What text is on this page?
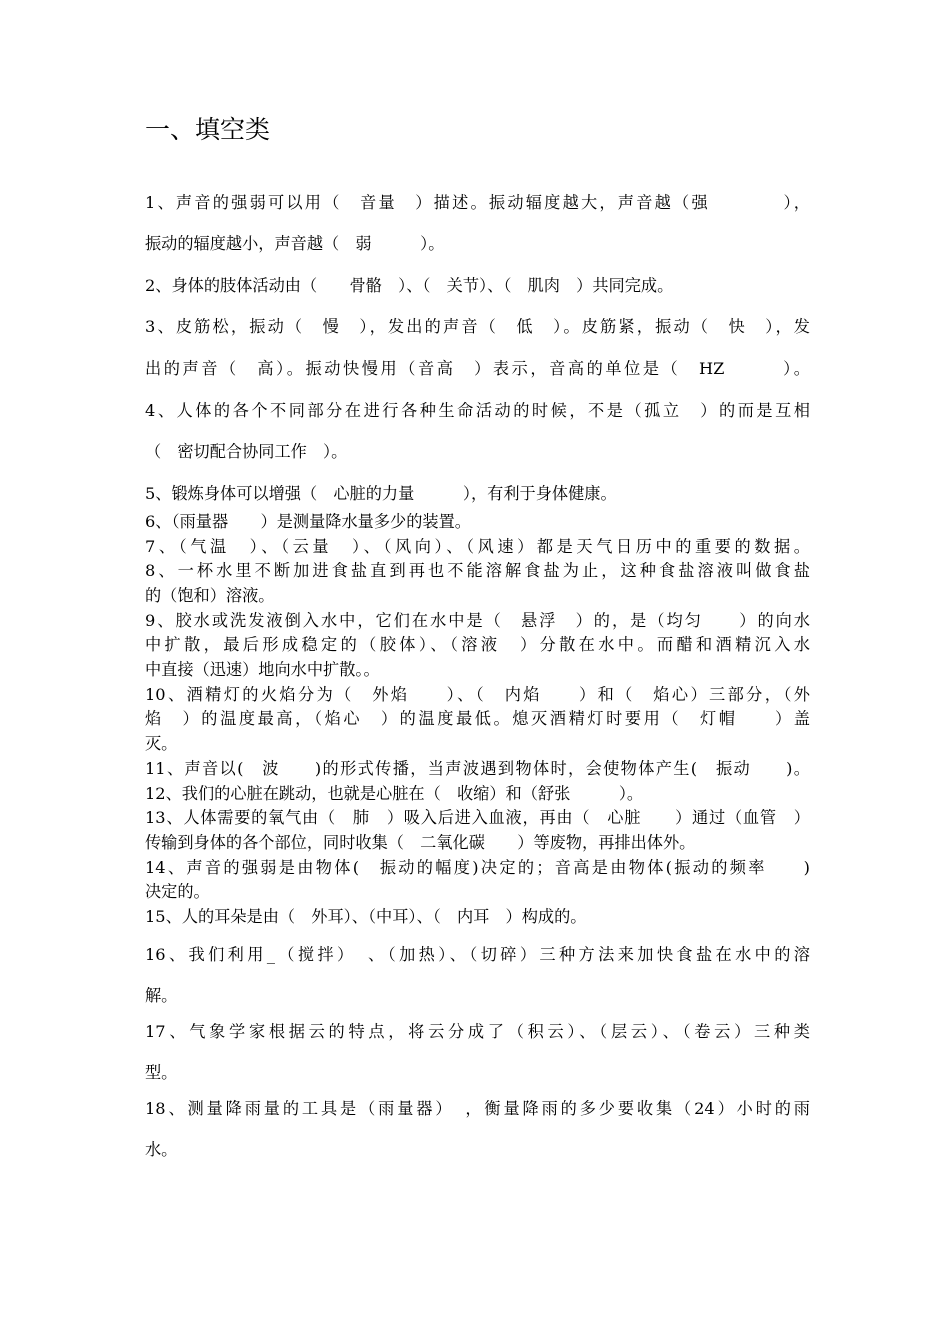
一、填空类
1、声音的强弱可以用（　音量　）描述。振动辐度越大，声音越（强　　　　），
振动的辐度越小，声音越（　弱　　　）。
2、身体的肢体活动由（　　骨骼　）、（　关节）、（　肌肉　）共同完成。
3、皮筋松，振动（　慢　），发出的声音（　低　）。皮筋紧，振动（　快　），发
出的声音（　高）。振动快慢用（音高　）表示，音高的单位是（　HZ　　　）。
4、人体的各个不同部分在进行各种生命活动的时候，不是（孤立　）的而是互相
（　密切配合协同工作　）。
5、锻炼身体可以增强（　心脏的力量　　　），有利于身体健康。
6、（雨量器　　）是测量降水量多少的装置。
7、（气温　）、（云量　）、（风向）、（风速）都是天气日历中的重要的数据。
8、一杯水里不断加进食盐直到再也不能溶解食盐为止，这种食盐溶液叫做食盐
的（饱和）溶液。
9、胶水或洗发液倒入水中，它们在水中是（　悬浮　）的，是（均匀　　）的向水
中扩散，最后形成稳定的（胶体）、（溶液　）分散在水中。而醋和酒精沉入水
中直接（迅速）地向水中扩散。。
10、酒精灯的火焰分为（　外焰　　）、（　内焰　　）和（　焰心）三部分，（外
焰　）的温度最高，（焰心　）的温度最低。熄灭酒精灯时要用（　灯帽　　）盖
灭。
11、声音以(　波　　)的形式传播，当声波遇到物体时，会使物体产生(　振动　　)。
12、我们的心脏在跳动，也就是心脏在（　收缩）和（舒张　　　）。
13、人体需要的氧气由（　肺　）吸入后进入血液，再由（　心脏　　）通过（血管　）
传输到身体的各个部位，同时收集（　二氧化碳　　）等废物，再排出体外。
14、声音的强弱是由物体(　振动的幅度)决定的；音高是由物体(振动的频率　　)
决定的。
15、人的耳朵是由（　外耳）、（中耳）、（　内耳　）构成的。
16、我们利用_（搅拌）　、（加热）、（切碎）三种方法来加快食盐在水中的溶
解。
17、气象学家根据云的特点，将云分成了（积云）、（层云）、（卷云）三种类
型。
18、测量降雨量的工具是（雨量器）　，衡量降雨的多少要收集（24）小时的雨
水。
